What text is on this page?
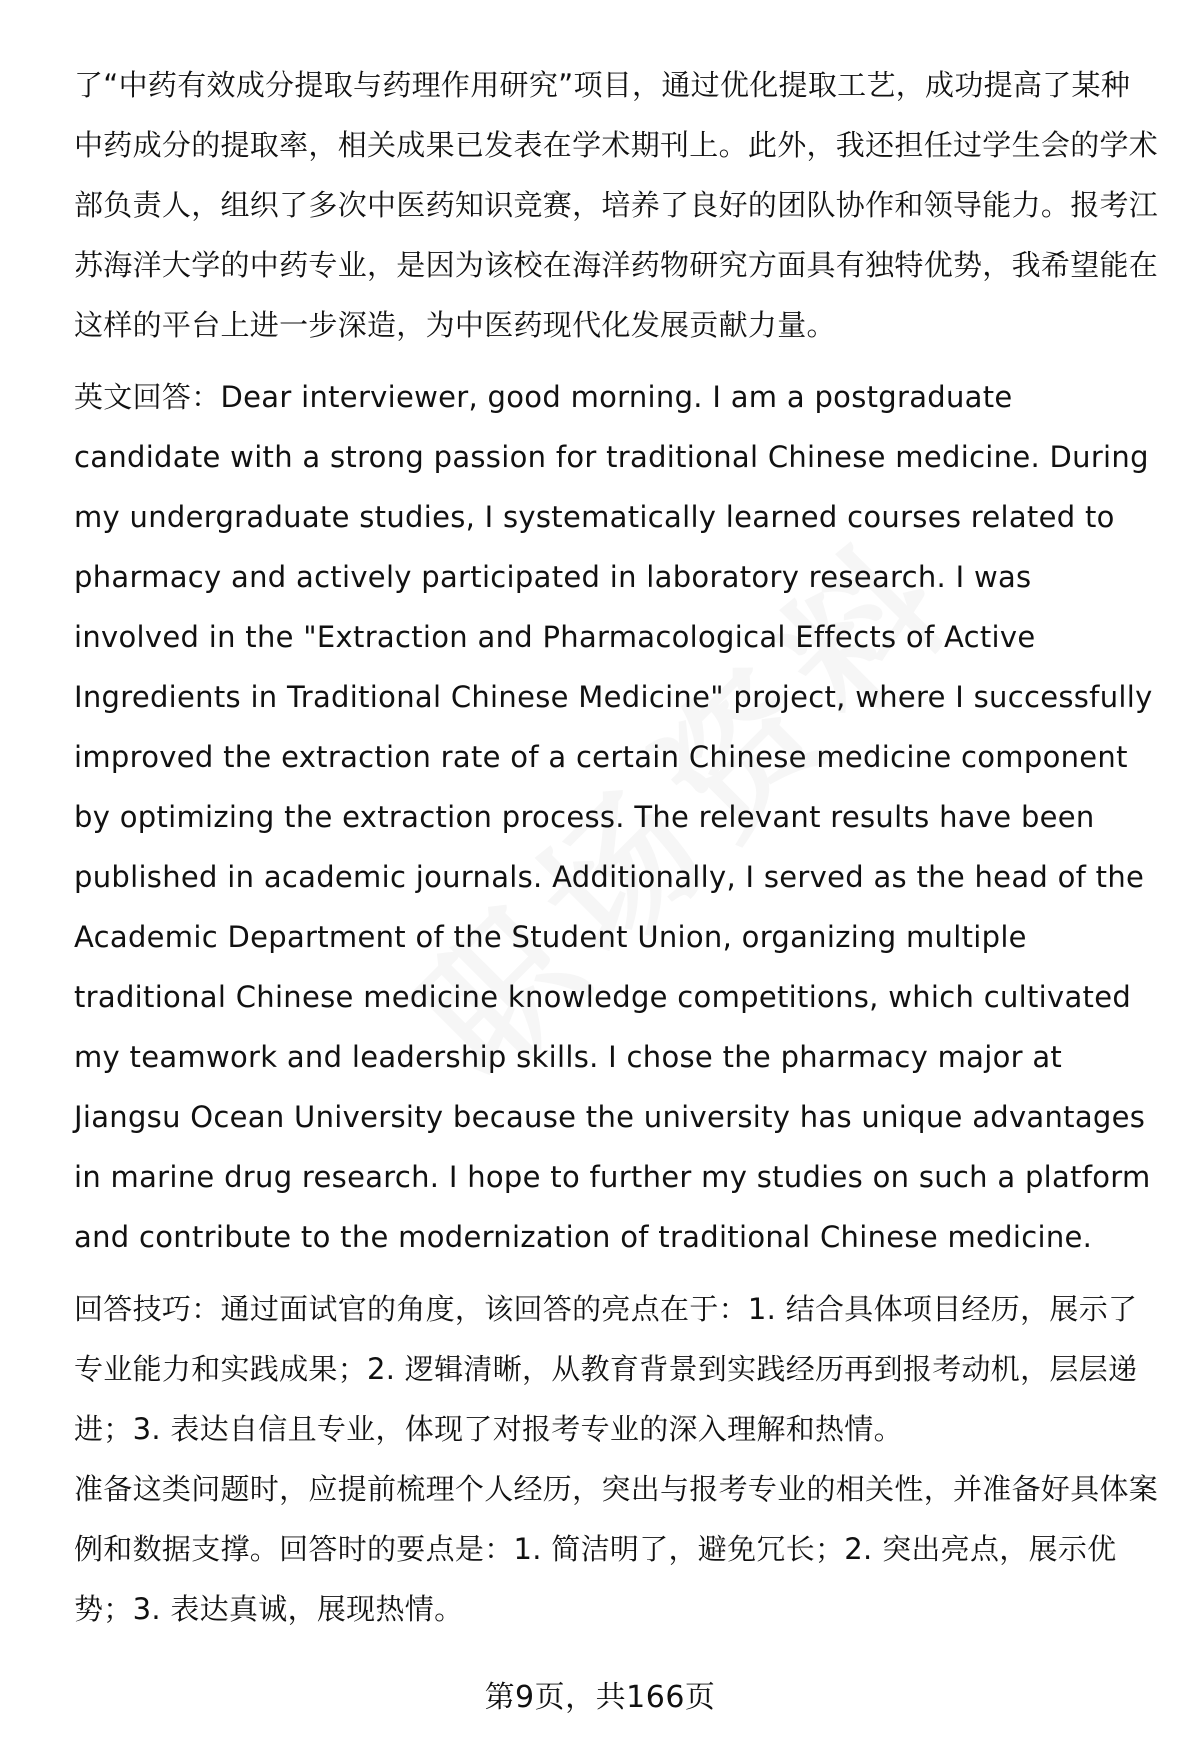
了“中药有效成分提取与药理作用研究”项目，通过优化提取工艺，成功提高了某种中药成分的提取率，相关成果已发表在学术期刊上。此外，我还担任过学生会的学术部负责人，组织了多次中医药知识竞赛，培养了良好的团队协作和领导能力。报考江苏海洋大学的中药专业，是因为该校在海洋药物研究方面具有独特优势，我希望能在这样的平台上进一步深造，为中医药现代化发展贡献力量。

英文回答：Dear interviewer, good morning. I am a postgraduate candidate with a strong passion for traditional Chinese medicine. During my undergraduate studies, I systematically learned courses related to pharmacy and actively participated in laboratory research. I was involved in the "Extraction and Pharmacological Effects of Active Ingredients in Traditional Chinese Medicine" project, where I successfully improved the extraction rate of a certain Chinese medicine component by optimizing the extraction process. The relevant results have been published in academic journals. Additionally, I served as the head of the Academic Department of the Student Union, organizing multiple traditional Chinese medicine knowledge competitions, which cultivated my teamwork and leadership skills. I chose the pharmacy major at Jiangsu Ocean University because the university has unique advantages in marine drug research. I hope to further my studies on such a platform and contribute to the modernization of traditional Chinese medicine.

回答技巧：通过面试官的角度，该回答的亮点在于：1. 结合具体项目经历，展示了专业能力和实践成果；2. 逻辑清晰，从教育背景到实践经历再到报考动机，层层递进；3. 表达自信且专业，体现了对报考专业的深入理解和热情。

准备这类问题时，应提前梳理个人经历，突出与报考专业的相关性，并准备好具体案例和数据支撑。回答时的要点是：1. 简洁明了，避免冗长；2. 突出亮点，展示优势；3. 表达真诚，展现热情。

第9页，共166页
